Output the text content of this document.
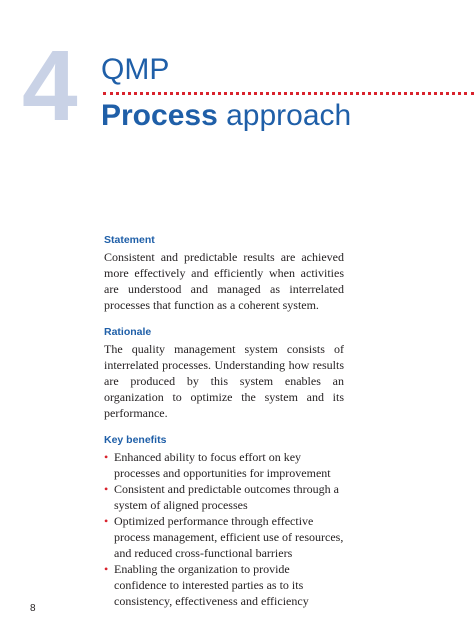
4 QMP
Process approach
Statement

Consistent and predictable results are achieved more effectively and efficiently when activities are understood and managed as interrelated processes that function as a coherent system.

Rationale

The quality management system consists of interrelated processes. Understanding how results are produced by this system enables an organization to optimize the system and its performance.

Key benefits
• Enhanced ability to focus effort on key processes and opportunities for improvement
• Consistent and predictable outcomes through a system of aligned processes
• Optimized performance through effective process management, efficient use of resources, and reduced cross-functional barriers
• Enabling the organization to provide confidence to interested parties as to its consistency, effectiveness and efficiency
8
